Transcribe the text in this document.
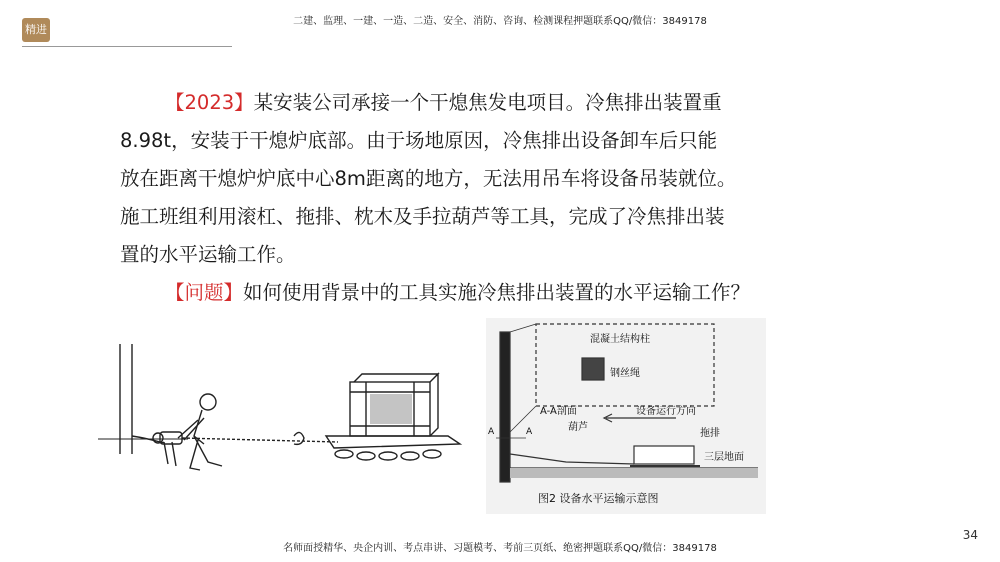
精进
二建、监理、一建、一造、二造、安全、消防、咨询、检测课程押题联系QQ/微信：3849178

【2023】某安装公司承接一个干熄焦发电项目。冷焦排出装置重

8.98t，安装于干熄炉底部。由于场地原因，冷焦排出设备卸车后只能

放在距离干熄炉炉底中心8m距离的地方，无法用吊车将设备吊装就位。

施工班组利用滚杠、拖排、枕木及手拉葫芦等工具，完成了冷焦排出装

置的水平运输工作。

【问题】如何使用背景中的工具实施冷焦排出装置的水平运输工作？

混凝土结构柱
钢丝绳
A-A剖面	设备运行方向
葫芦
拖排
三层地面
A	A
图2 设备水平运输示意图
名师面授精华、央企内训、考点串讲、习题模考、考前三页纸、绝密押题联系QQ/微信：3849178
34
